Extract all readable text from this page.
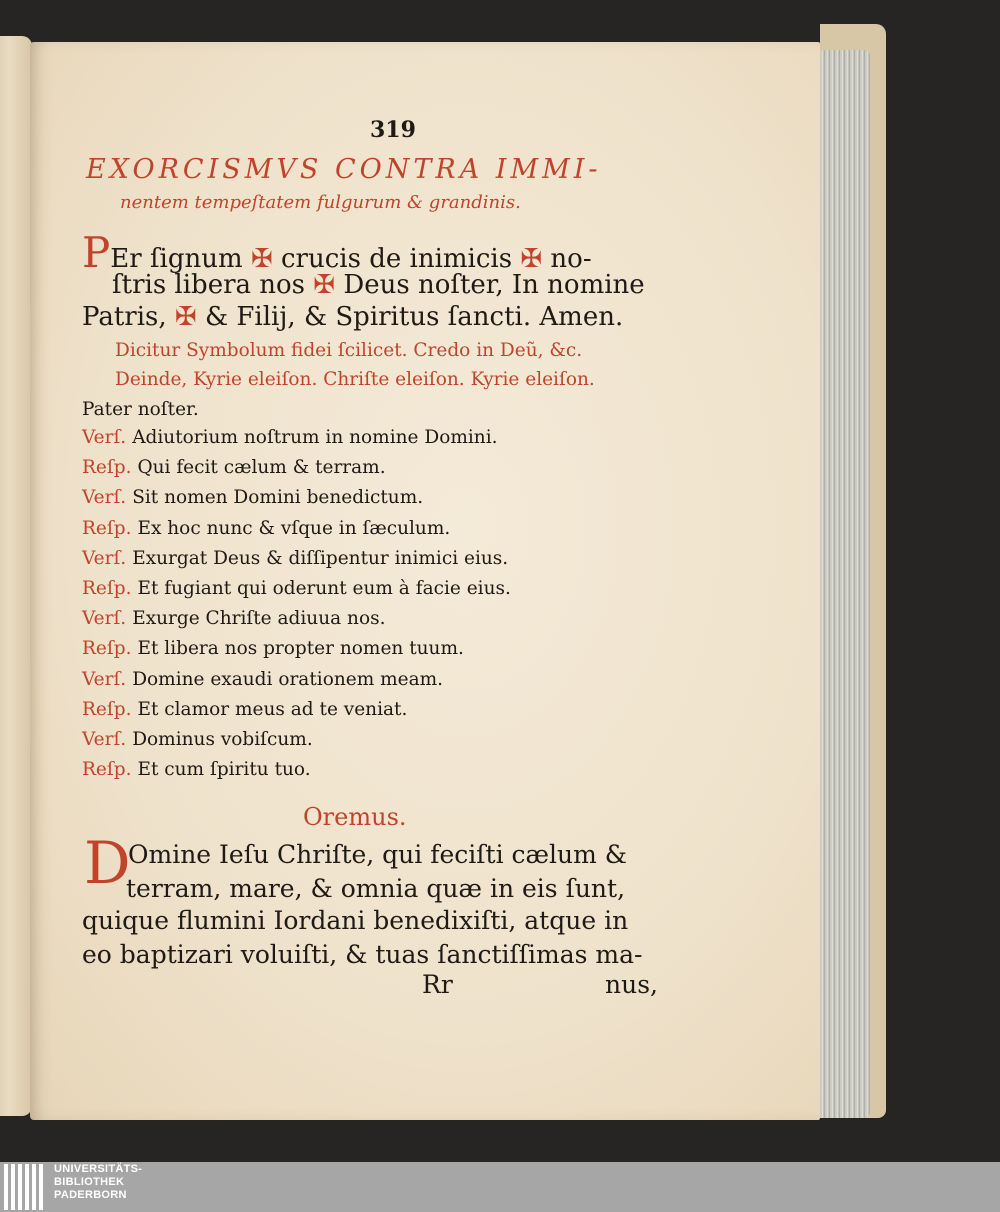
319
EXORCISMVS CONTRA IMMI-
nentem tempeſtatem fulgurum & grandinis.
PEr ſignum ✠ crucis de inimicis ✠ no-
ſtris libera nos ✠ Deus noſter, In nomine
Patris, ✠ & Filij, & Spiritus ſancti. Amen.
Dicitur Symbolum fidei ſcilicet. Credo in Deũ, &c.
Deinde, Kyrie eleiſon. Chriſte eleiſon. Kyrie eleiſon.
Pater noſter.
Verſ. Adiutorium noſtrum in nomine Domini.
Reſp. Qui fecit cælum & terram.
Verſ. Sit nomen Domini benedictum.
Reſp. Ex hoc nunc & vſque in ſæculum.
Verſ. Exurgat Deus & diſſipentur inimici eius.
Reſp. Et fugiant qui oderunt eum à facie eius.
Verſ. Exurge Chriſte adiuua nos.
Reſp. Et libera nos propter nomen tuum.
Verſ. Domine exaudi orationem meam.
Reſp. Et clamor meus ad te veniat.
Verſ. Dominus vobiſcum.
Reſp. Et cum ſpiritu tuo.
Oremus.
D
Omine Ieſu Chriſte, qui feciſti cælum &
terram, mare, & omnia quæ in eis ſunt,
quique flumini Iordani benedixiſti, atque in
eo baptizari voluiſti, & tuas ſanctiſſimas ma-
Rr	nus,
UNIVERSITÄTS-
BIBLIOTHEK
PADERBORN
